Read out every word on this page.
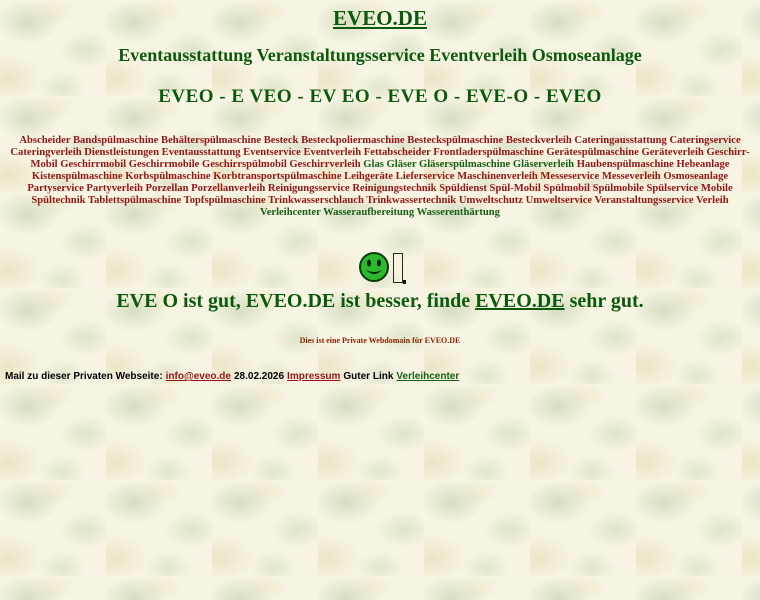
EVEO.DE
Eventausstattung Veranstaltungsservice Eventverleih Osmoseanlage
EVEO - E VEO - EV EO - EVE O - EVE-O - EVEO
Abscheider Bandspülmaschine Behälterspülmaschine Besteck Besteckpoliermaschine Besteckspülmaschine Besteckverleih Cateringausstattung Cateringservice
Cateringverleih Dienstleistungen Eventausstattung Eventservice Eventverleih Fettabscheider Frontladerspülmaschine Gerätespülmaschine Geräteverleih Geschirr-
Mobil Geschirrmobil Geschirrmobile Geschirrspülmobil Geschirrverleih Glas Gläser Gläserspülmaschine Gläserverleih Haubenspülmaschine Hebeanlage
Kistenspülmaschine Korbspülmaschine Korbtransportspülmaschine Leihgeräte Lieferservice Maschinenverleih Messeservice Messeverleih Osmoseanlage
Partyservice Partyverleih Porzellan Porzellanverleih Reinigungsservice Reinigungstechnik Spüldienst Spül-Mobil Spülmobil Spülmobile Spülservice Mobile
Spültechnik Tablettspülmaschine Topfspülmaschine Trinkwasserschlauch Trinkwassertechnik Umweltschutz Umweltservice Veranstaltungsservice Verleih
Verleihcenter Wasseraufbereitung Wasserenthärtung
EVE O ist gut, EVEO.DE ist besser, finde EVEO.DE sehr gut.
Dies ist eine Private Webdomain für EVEO.DE
Mail zu dieser Privaten Webseite: info@eveo.de 28.02.2026 Impressum Guter Link Verleihcenter
